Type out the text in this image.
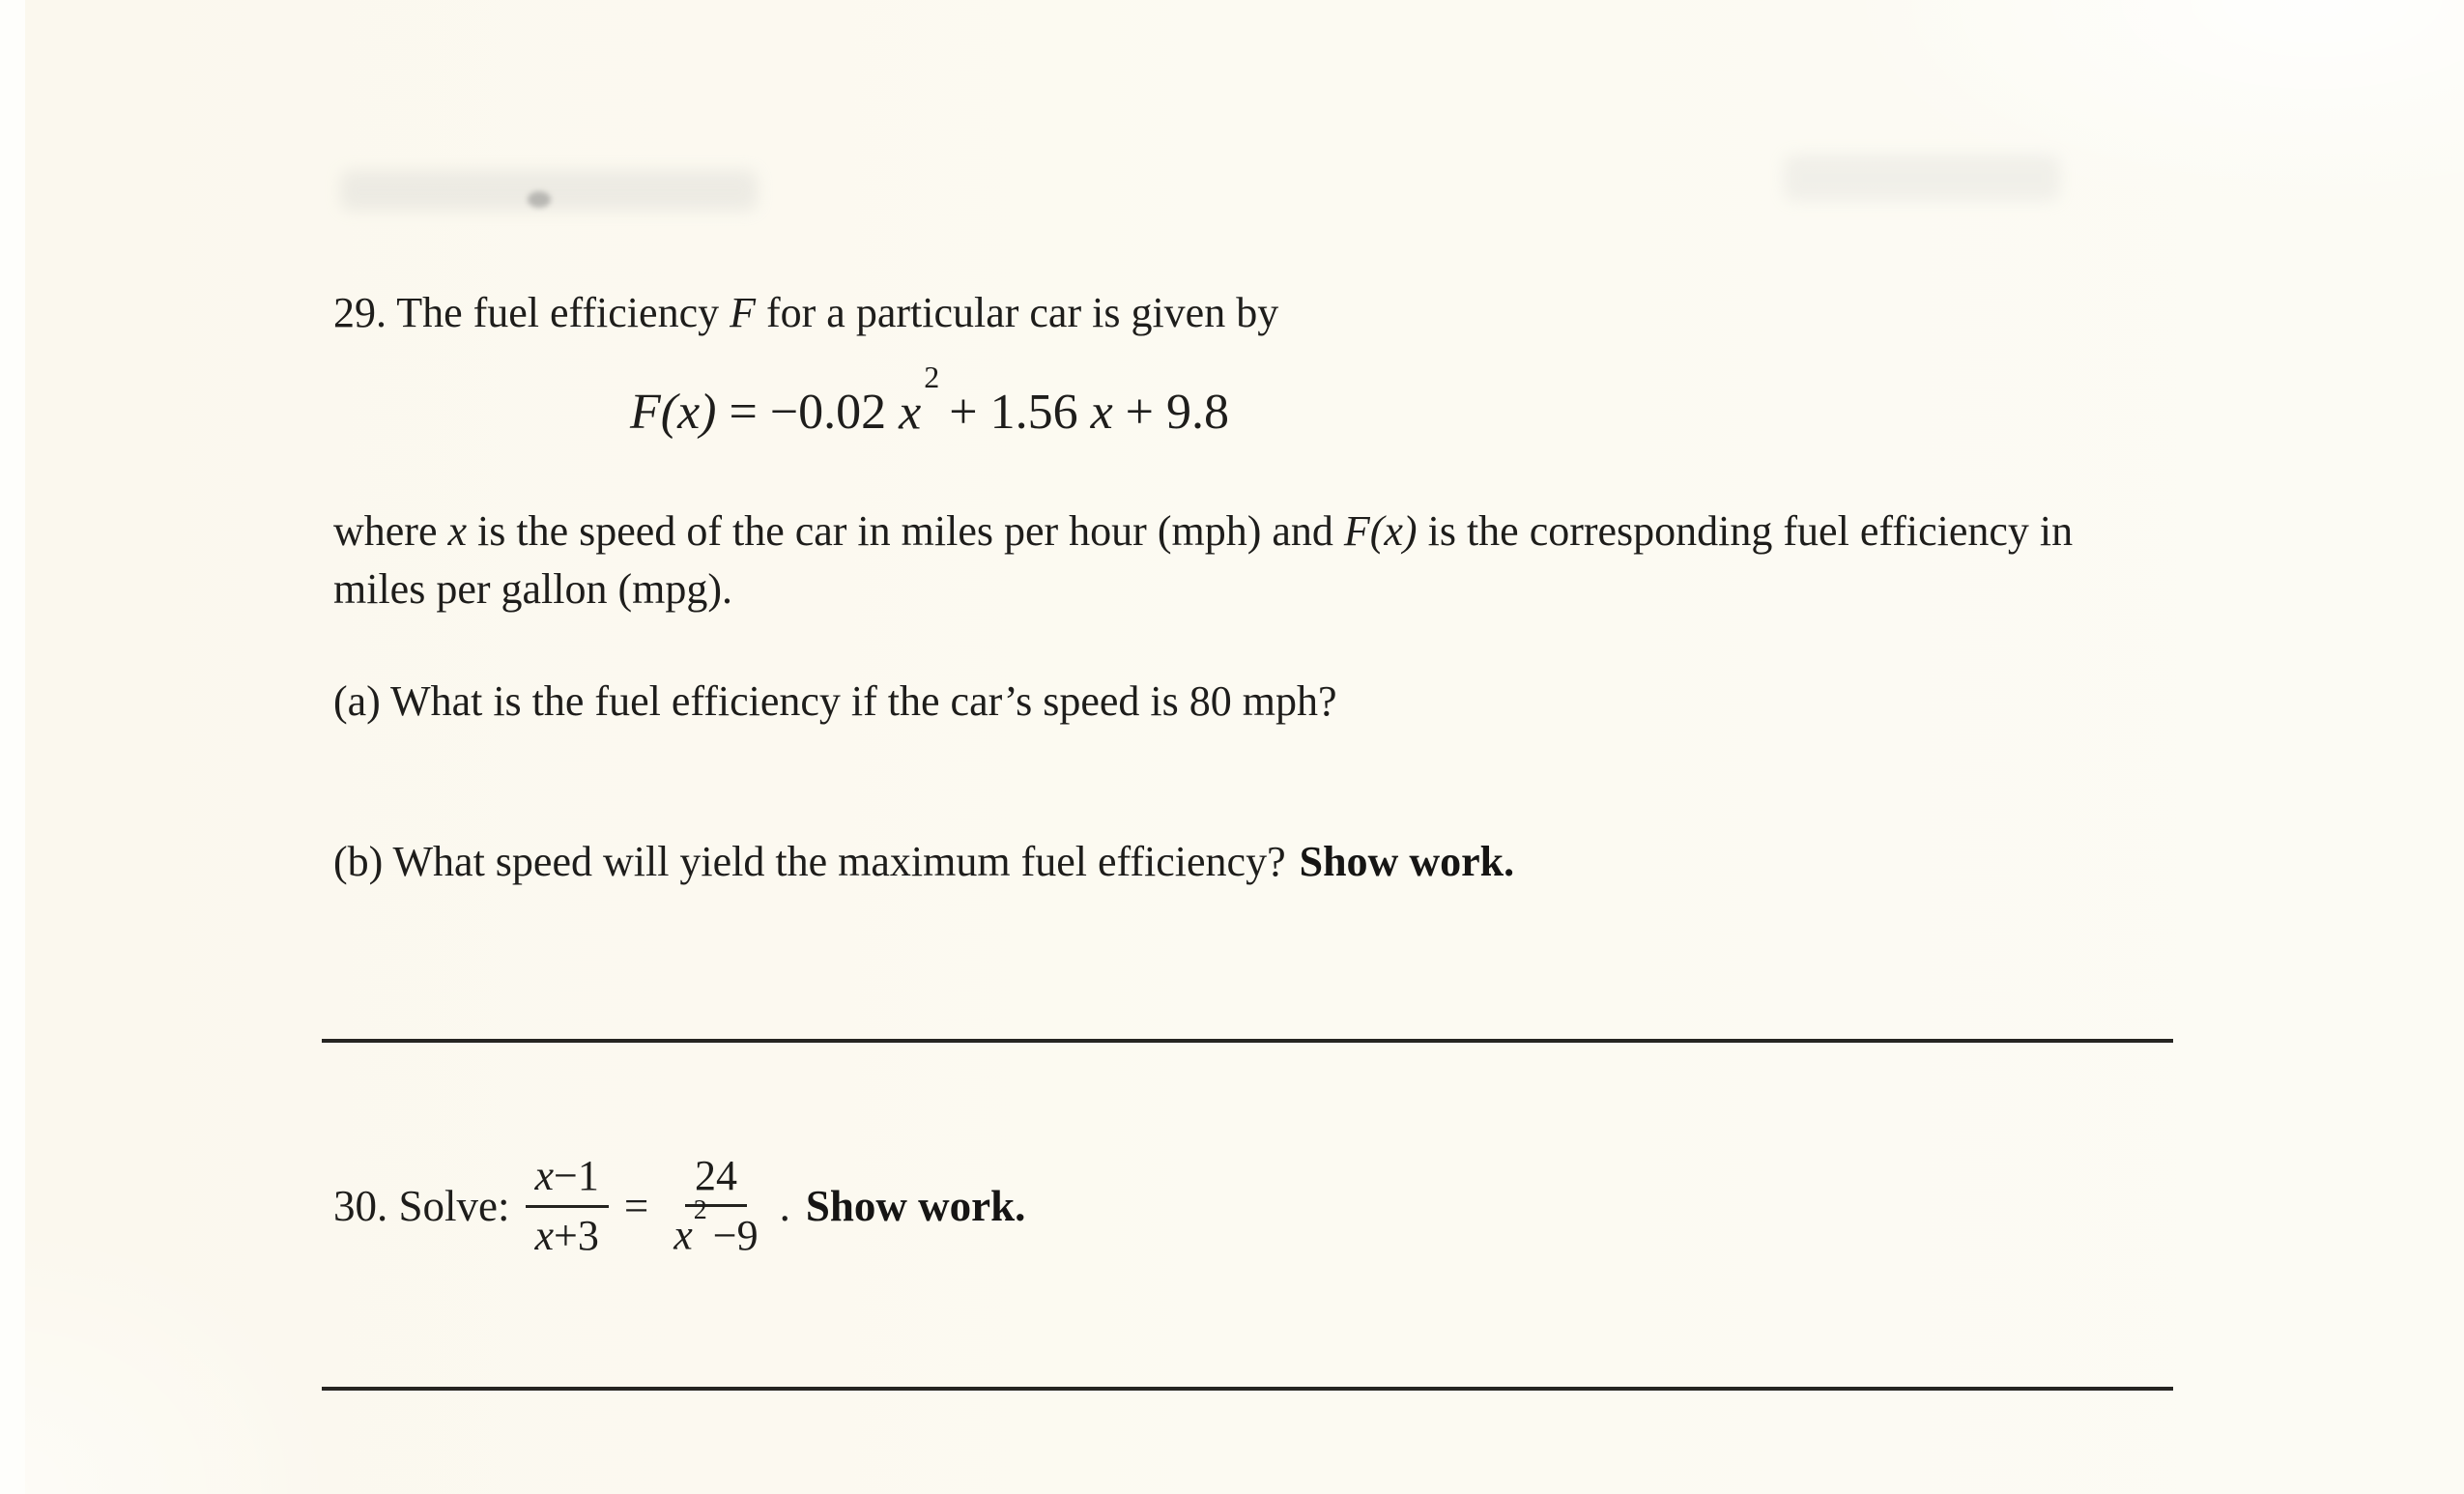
29. The fuel efficiency F for a particular car is given by

F(x) = −0.02 $x^2$
+ 1.56 x + 9.8

where x is the speed of the car in miles per hour (mph) and F(x) is the corresponding fuel efficiency in miles per gallon (mpg).

(a) What is the fuel efficiency if the car’s speed is 80 mph?

(b) What speed will yield the maximum fuel efficiency? Show work.

30. Solve: $\frac{x-1}{x+3} = \frac{24}{x^2-9}$ . Show work.
